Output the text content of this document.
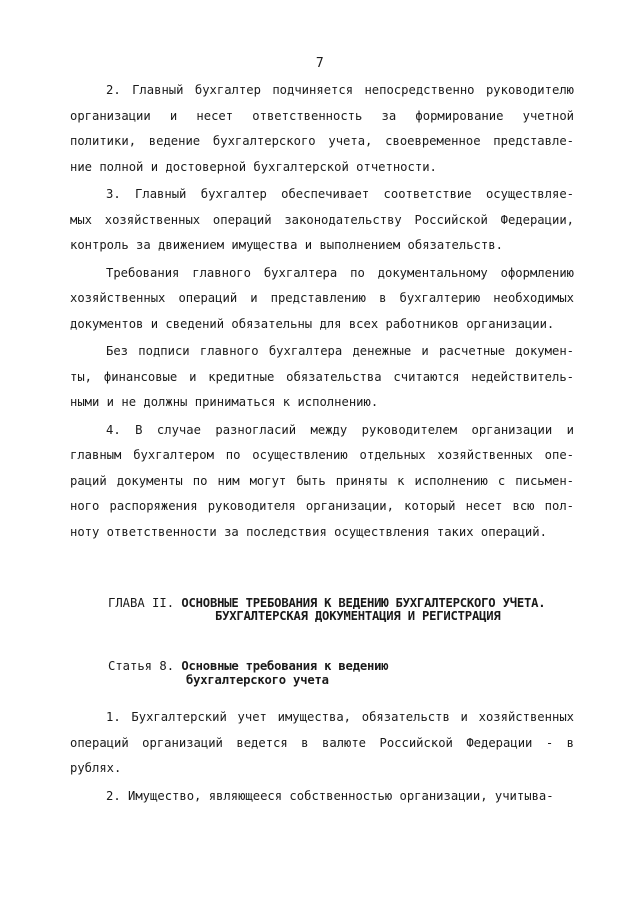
7

2. Главный бухгалтер подчиняется непосредственно руководителю
организации и несет ответственность за формирование учетной
политики, ведение бухгалтерского учета, своевременное представле-
ние полной и достоверной бухгалтерской отчетности.

3. Главный бухгалтер обеспечивает соответствие осуществляе-
мых хозяйственных операций законодательству Российской Федерации,
контроль за движением имущества и выполнением обязательств.

Требования главного бухгалтера по документальному оформлению
хозяйственных операций и представлению в бухгалтерию необходимых
документов и сведений обязательны для всех работников организации.

Без подписи главного бухгалтера денежные и расчетные докумен-
ты, финансовые и кредитные обязательства считаются недействитель-
ными и не должны приниматься к исполнению.

4. В случае разногласий между руководителем организации и
главным бухгалтером по осуществлению отдельных хозяйственных опе-
раций документы по ним могут быть приняты к исполнению с письмен-
ного распоряжения руководителя организации, который несет всю пол-
ноту ответственности за последствия осуществления таких операций.

ГЛАВА II. ОСНОВНЫЕ ТРЕБОВАНИЯ К ВЕДЕНИЮ БУХГАЛТЕРСКОГО УЧЕТА.
БУХГАЛТЕРСКАЯ ДОКУМЕНТАЦИЯ И РЕГИСТРАЦИЯ
Статья 8. Основные требования к ведению
бухгалтерского учета

1. Бухгалтерский учет имущества, обязательств и хозяйственных
операций организаций ведется в валюте Российской Федерации - в
рублях.

2. Имущество, являющееся собственностью организации, учитыва-
